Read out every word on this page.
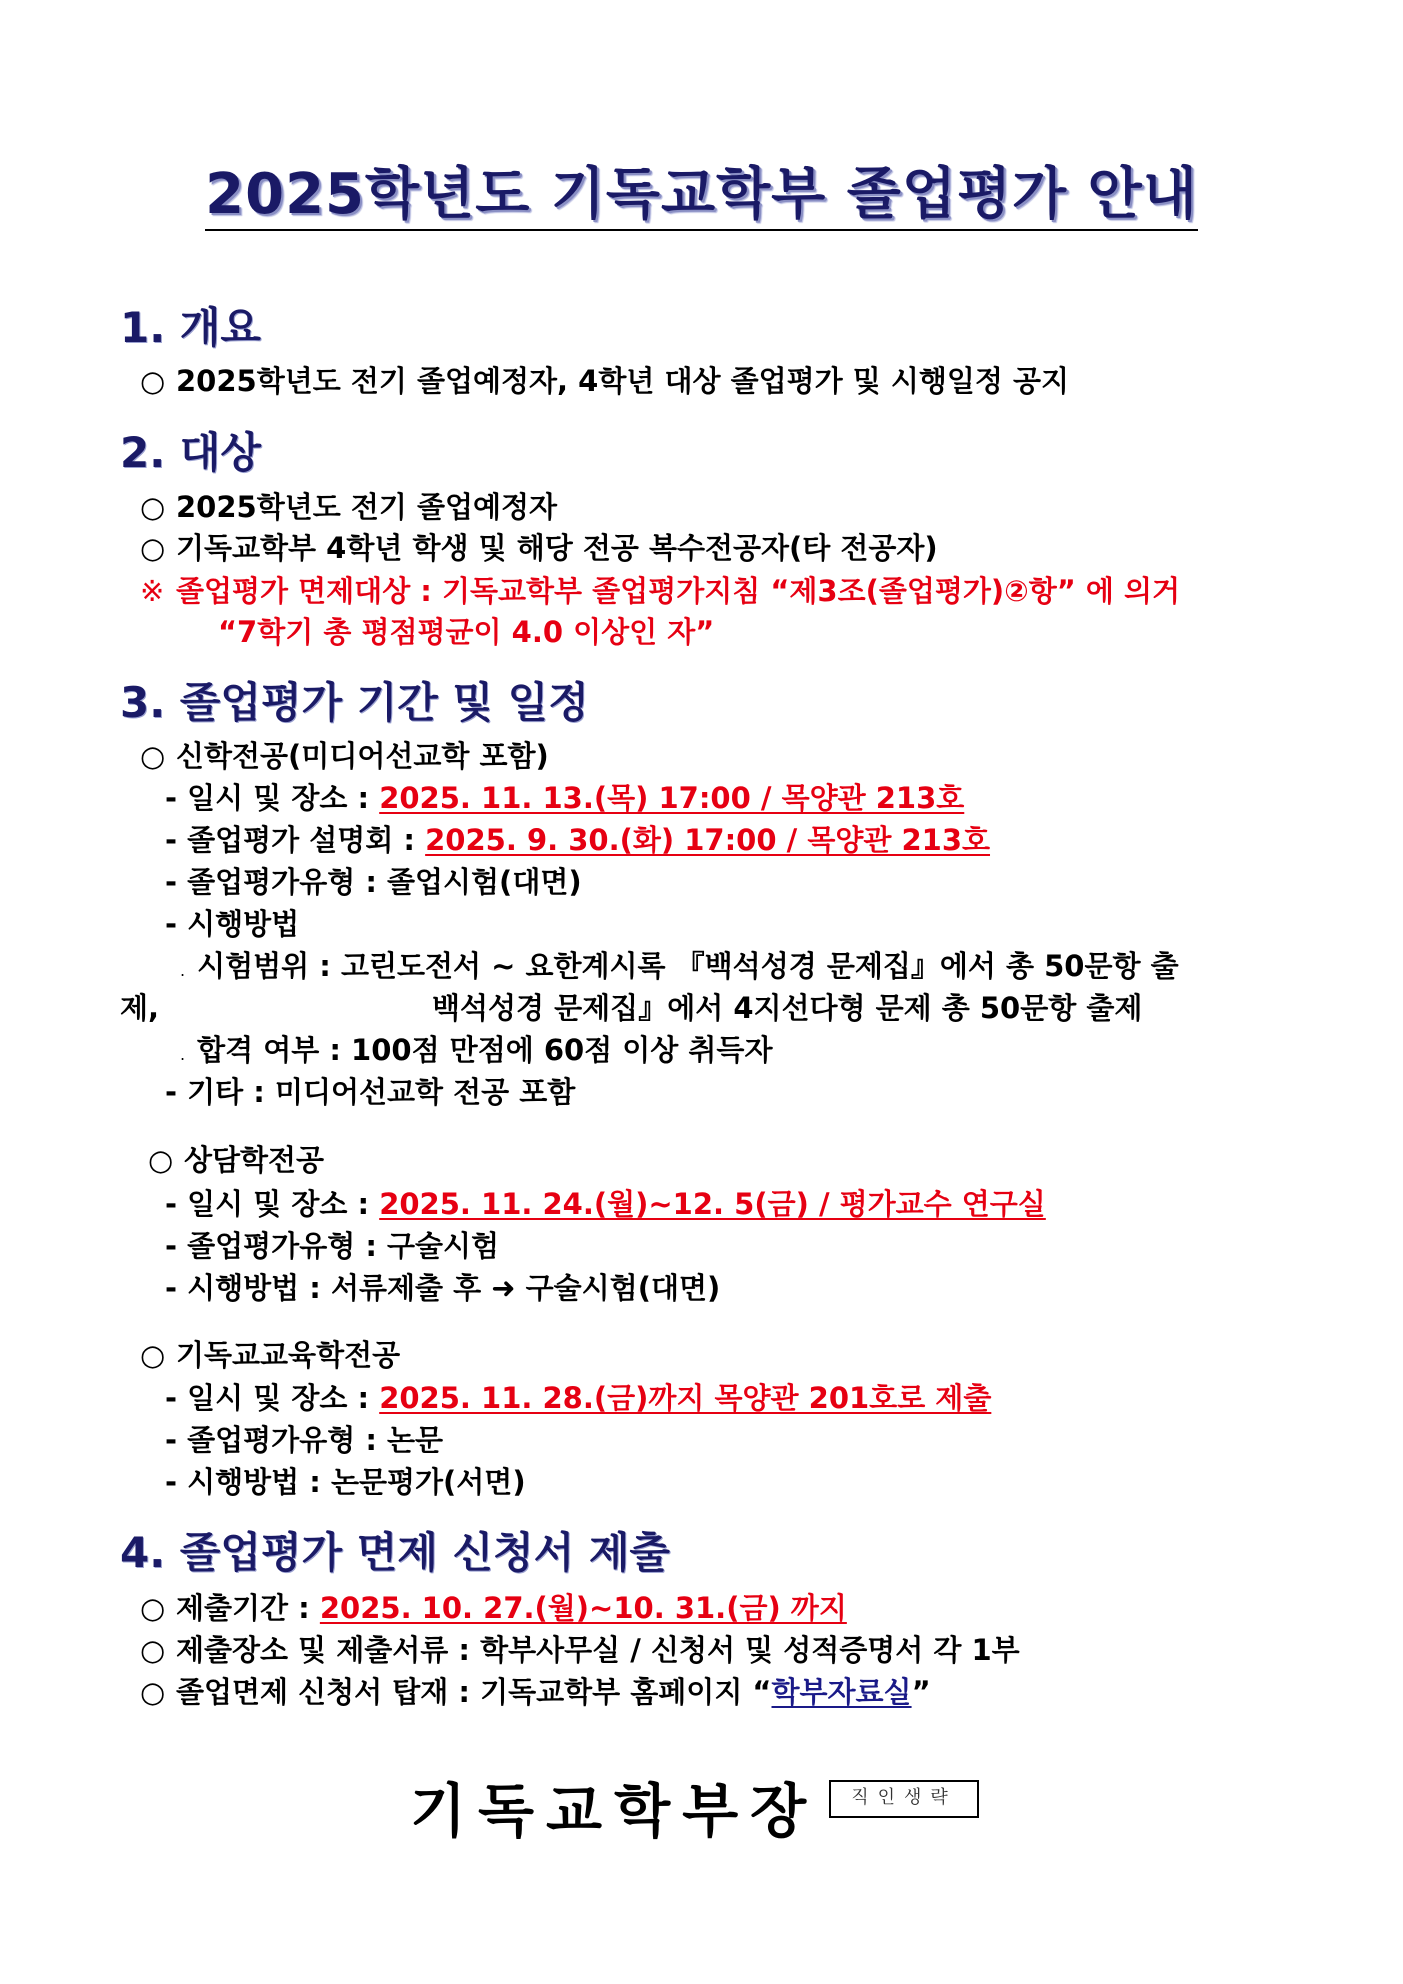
2025학년도 기독교학부 졸업평가 안내
1. 개요
○ 2025학년도 전기 졸업예정자, 4학년 대상 졸업평가 및 시행일정 공지
2. 대상
○ 2025학년도 전기 졸업예정자
○ 기독교학부 4학년 학생 및 해당 전공 복수전공자(타 전공자)
※ 졸업평가 면제대상 : 기독교학부 졸업평가지침 “제3조(졸업평가)②항” 에 의거
“7학기 총 평점평균이 4.0 이상인 자”
3. 졸업평가 기간 및 일정
○ 신학전공(미디어선교학 포함)
- 일시 및 장소 : 2025. 11. 13.(목) 17:00 / 목양관 213호
- 졸업평가 설명회 : 2025. 9. 30.(화) 17:00 / 목양관 213호
- 졸업평가유형 : 졸업시험(대면)
- 시행방법
. 시험범위 : 고린도전서 ~ 요한계시록 『백석성경 문제집』에서 총 50문항 출
제,	백석성경 문제집』에서 4지선다형 문제 총 50문항 출제
. 합격 여부 : 100점 만점에 60점 이상 취득자
- 기타 : 미디어선교학 전공 포함
○ 상담학전공
- 일시 및 장소 : 2025. 11. 24.(월)~12. 5(금) / 평가교수 연구실
- 졸업평가유형 : 구술시험
- 시행방법 : 서류제출 후 ➜ 구술시험(대면)
○ 기독교교육학전공
- 일시 및 장소 : 2025. 11. 28.(금)까지 목양관 201호로 제출
- 졸업평가유형 : 논문
- 시행방법 : 논문평가(서면)
4. 졸업평가 면제 신청서 제출
○ 제출기간 : 2025. 10. 27.(월)~10. 31.(금) 까지
○ 제출장소 및 제출서류 : 학부사무실 / 신청서 및 성적증명서 각 1부
○ 졸업면제 신청서 탑재 : 기독교학부 홈페이지 “학부자료실”
기독교학부장	직인생략
